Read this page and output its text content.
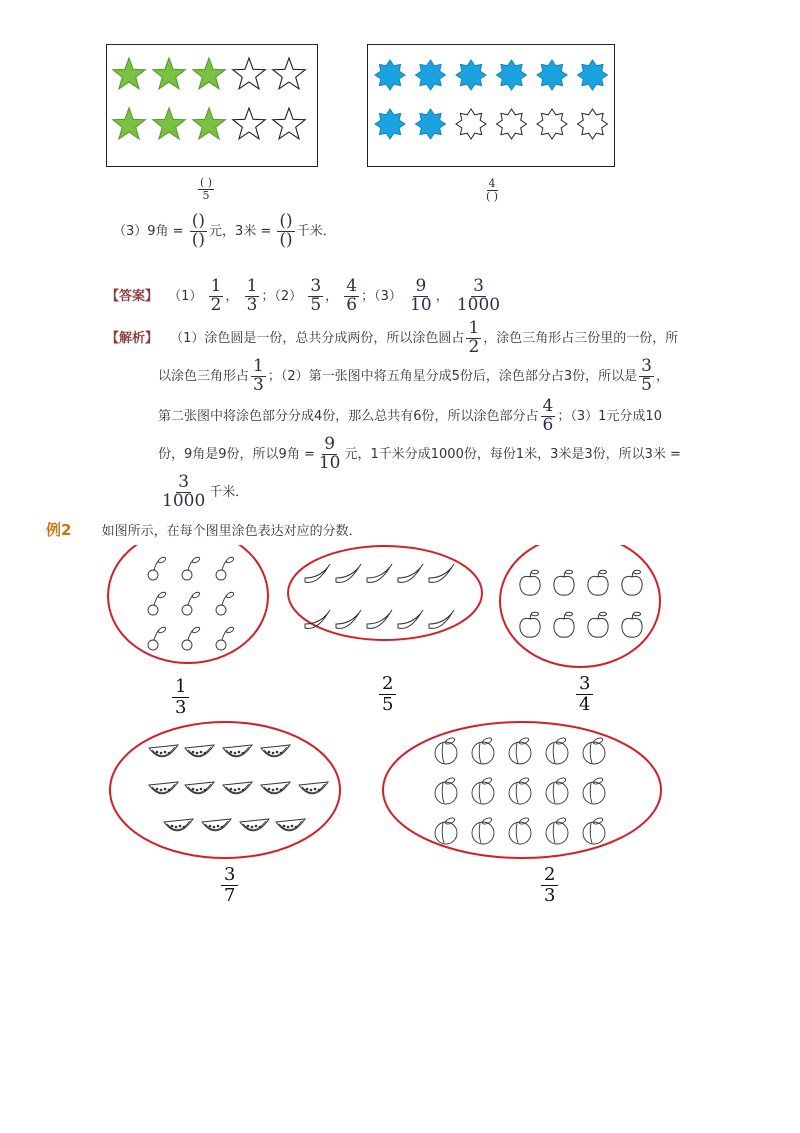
( )
5
4
( )
（3）9角 = $\frac{()}{()}$ 元，3米 = $\frac{()}{()}$ 千米．
【答案】 $(1) \frac{1}{2}$ ， $\frac{1}{3}$ ；$(2) \frac{3}{5}$ ， $\frac{4}{6}$ ；$(3) \frac{9}{10}$ ， $\frac{3}{1000}$
【解析】 （1）涂色圆是一份，总共分成两份，所以涂色圆占 $\frac{1}{2}$ ，涂色三角形占三份里的一份，所
以涂色三角形占 $\frac{1}{3}$ ；（2）第一张图中将五角星分成5份后，涂色部分占3份，所以是 $\frac{3}{5}$ ，
第二张图中将涂色部分分成4份，那么总共有6份，所以涂色部分占 $\frac{4}{6}$ ；（3）1元分成10
份，9角是9份，所以9角 = $\frac{9}{10}$ 元，1千米分成1000份，每份1米，3米是3份，所以3米 =
$\frac{3}{1000}$ 千米．
例2 如图所示，在每个图里涂色表达对应的分数．
$\frac{1}{3}$	$\frac{2}{5}$	$\frac{3}{4}$
$\frac{3}{7}$	$\frac{2}{3}$
